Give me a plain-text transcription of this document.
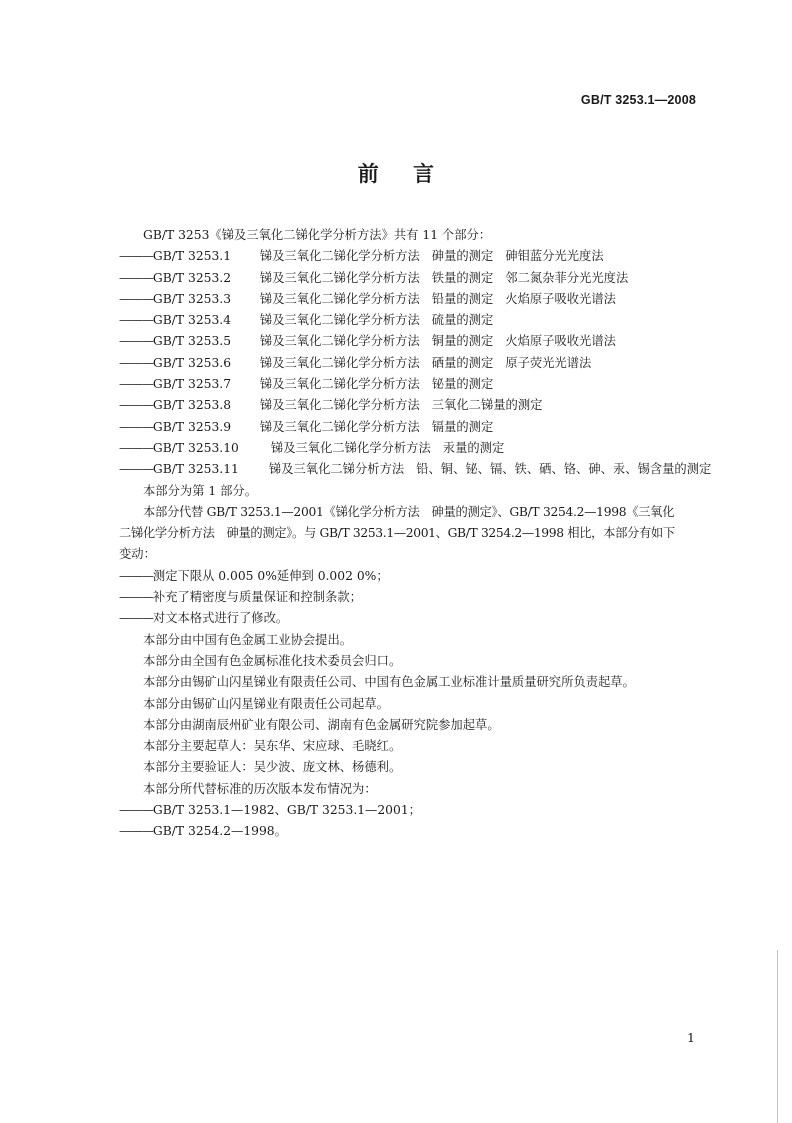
GB/T 3253.1—2008
前 言

GB/T 3253《锑及三氧化二锑化学分析方法》共有 11 个部分：

———GB/T 3253.1 锑及三氧化二锑化学分析方法 砷量的测定 砷钼蓝分光光度法

———GB/T 3253.2 锑及三氧化二锑化学分析方法 铁量的测定 邻二氮杂菲分光光度法

———GB/T 3253.3 锑及三氧化二锑化学分析方法 铅量的测定 火焰原子吸收光谱法

———GB/T 3253.4 锑及三氧化二锑化学分析方法 硫量的测定

———GB/T 3253.5 锑及三氧化二锑化学分析方法 铜量的测定 火焰原子吸收光谱法

———GB/T 3253.6 锑及三氧化二锑化学分析方法 硒量的测定 原子荧光光谱法

———GB/T 3253.7 锑及三氧化二锑化学分析方法 铋量的测定

———GB/T 3253.8 锑及三氧化二锑化学分析方法 三氧化二锑量的测定

———GB/T 3253.9 锑及三氧化二锑化学分析方法 镉量的测定

———GB/T 3253.10	锑及三氧化二锑化学分析方法 汞量的测定

———GB/T 3253.11 锑及三氧化二锑分析方法 铅、铜、铋、镉、铁、硒、铬、砷、汞、锡含量的测定

本部分为第 1 部分。

本部分代替 GB/T 3253.1—2001《锑化学分析方法　砷量的测定》、GB/T 3254.2—1998《三氧化

二锑化学分析方法　砷量的测定》。与 GB/T 3253.1—2001、GB/T 3254.2—1998 相比，本部分有如下

变动：

———测定下限从 0.005 0%延伸到 0.002 0%；

———补充了精密度与质量保证和控制条款；

———对文本格式进行了修改。

本部分由中国有色金属工业协会提出。

本部分由全国有色金属标准化技术委员会归口。

本部分由锡矿山闪星锑业有限责任公司、中国有色金属工业标准计量质量研究所负责起草。

本部分由锡矿山闪星锑业有限责任公司起草。

本部分由湖南辰州矿业有限公司、湖南有色金属研究院参加起草。

本部分主要起草人：吴东华、宋应球、毛晓红。

本部分主要验证人：吴少波、庞文林、杨德利。

本部分所代替标准的历次版本发布情况为：

———GB/T 3253.1—1982、GB/T 3253.1—2001；

———GB/T 3254.2—1998。

1
